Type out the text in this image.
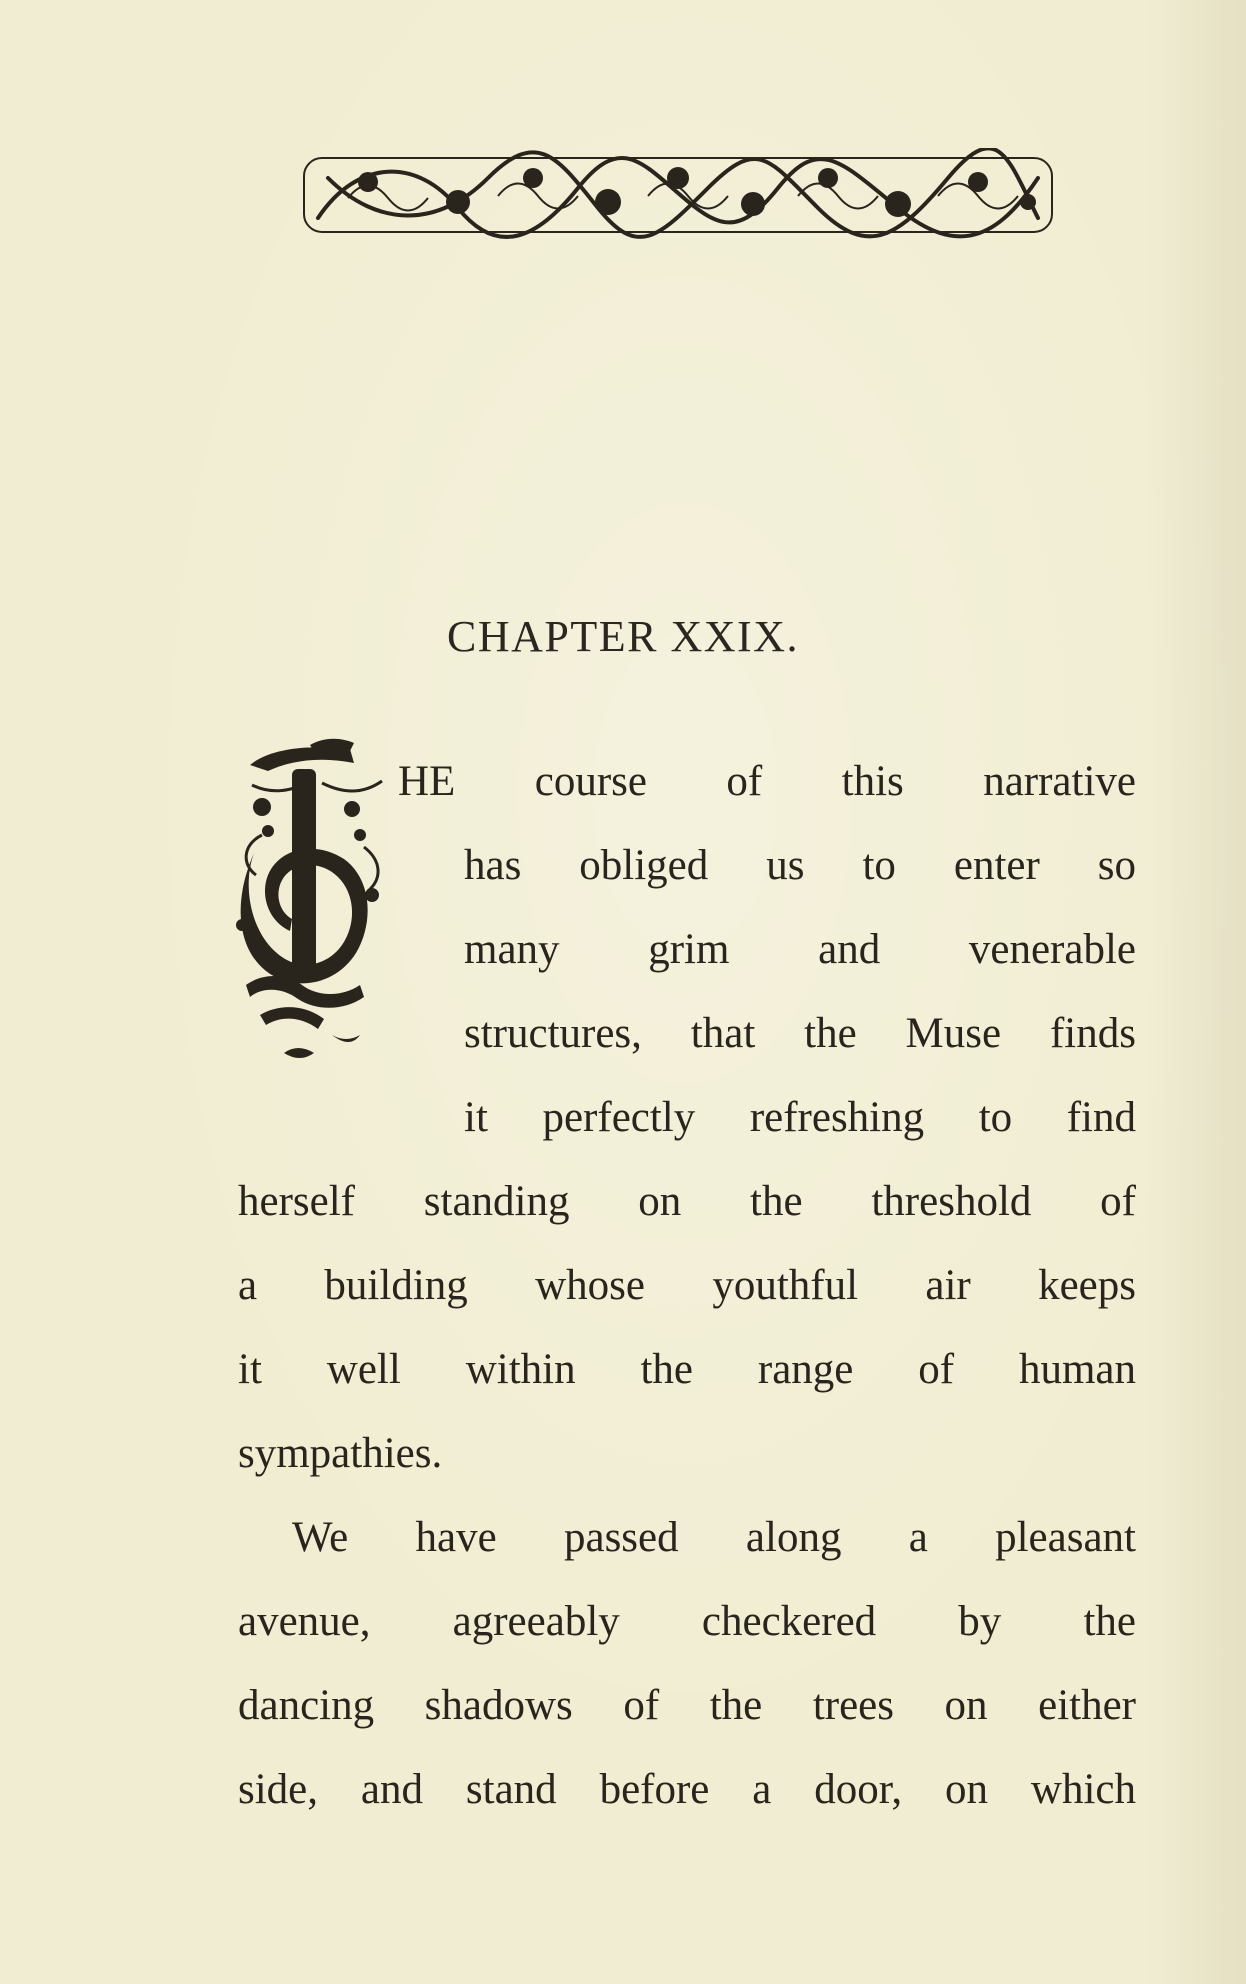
CHAPTER XXIX.
HE course of this narrative
has obliged us to enter so
many grim and venerable
structures, that the Muse finds
it perfectly refreshing to find
herself standing on the threshold of
a building whose youthful air keeps
it well within the range of human
sympathies.
We have passed along a pleasant
avenue, agreeably checkered by the
dancing shadows of the trees on either
side, and stand before a door, on which
